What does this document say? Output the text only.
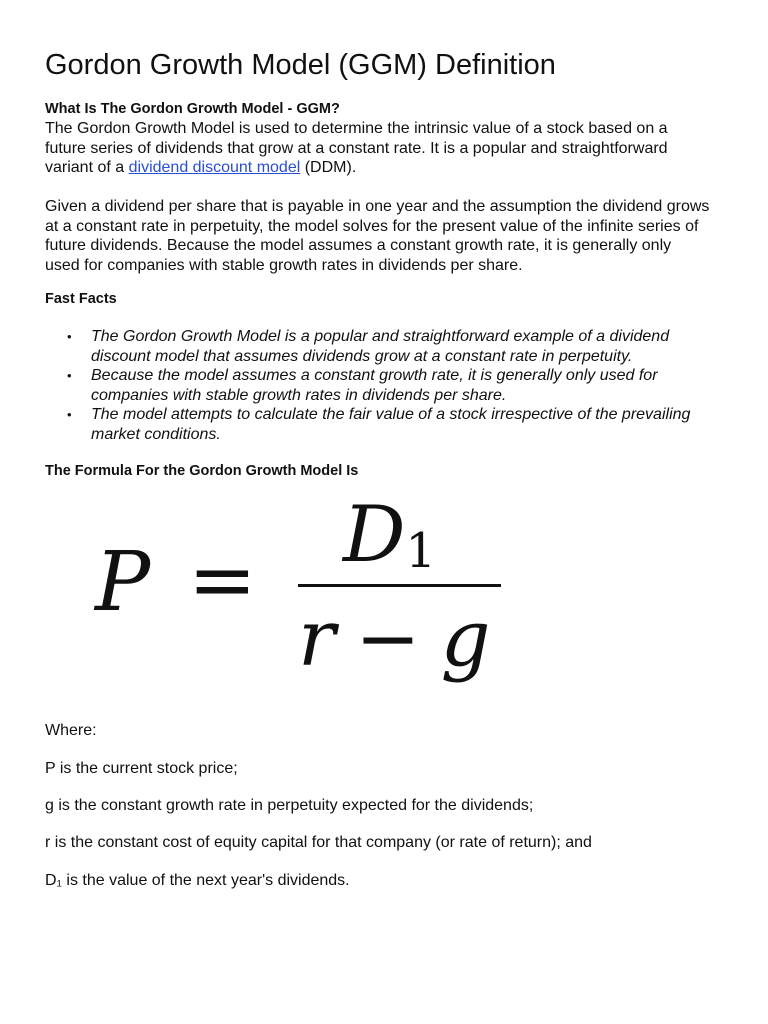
Gordon Growth Model (GGM) Definition
What Is The Gordon Growth Model - GGM?

The Gordon Growth Model is used to determine the intrinsic value of a stock based on a
future series of dividends that grow at a constant rate. It is a popular and straightforward
variant of a dividend discount model (DDM).

Given a dividend per share that is payable in one year and the assumption the dividend grows
at a constant rate in perpetuity, the model solves for the present value of the infinite series of
future dividends. Because the model assumes a constant growth rate, it is generally only
used for companies with stable growth rates in dividends per share.

Fast Facts
• The Gordon Growth Model is a popular and straightforward example of a dividend
discount model that assumes dividends grow at a constant rate in perpetuity.
• Because the model assumes a constant growth rate, it is generally only used for
companies with stable growth rates in dividends per share.
• The model attempts to calculate the fair value of a stock irrespective of the prevailing
market conditions.
The Formula For the Gordon Growth Model Is
$P = D_1$
r − g

Where:

P is the current stock price;

g is the constant growth rate in perpetuity expected for the dividends;

r is the constant cost of equity capital for that company (or rate of return); and

D₁ is the value of the next year's dividends.
